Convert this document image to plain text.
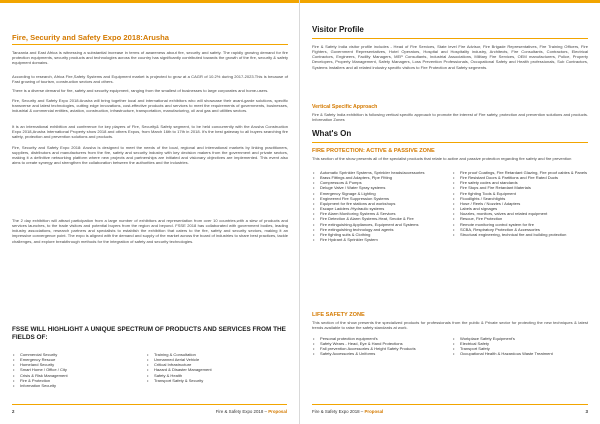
Fire, Security and Safety Expo 2018:Arusha
Tanzania and East Africa is witnessing a substantial increase in terms of awareness about fire, security and safety. The rapidly growing demand for fire protection equipments, security products and technologies across the country has significantly contributed towards the growth of the fire, security & safety equipment domains.
According to research, Africa Fire,Safety Systems and Equipment market is projected to grow at a CAGR of 10.2% during 2017-2023.This is because of Fast growing of tourism, construction sectors and others.
There is a diverse demand for fire, safety and security equipment, ranging from the smallest of businesses to large corporates and home-users.
Fire, Security and Safety Expo 2018:Arusha will bring together local and international exhibitors who will showcase their avant-garde solutions, specific transverse and latest technologies, cutting edge innovations, cost-effective products and services to meet the requirements of governments, businesses, industrial & commercial entities, aviation, construction, infrastructure, transportation, manufacturing, oil and gas and utilities sectors.
It is an international exhibition and conference for key players of Fire, Security& Safety segment, to be held concurrently with the Arusha Construction Expo 2018,Arusha International Property show 2018 and others Expos, from March 16th to 17th in 2018. It's the best gateway to all buyers searching fire safety, protection and prevention solutions and products.
Fire, Security and Safety Expo 2018: Arusha is designed to meet the needs of the local, regional and international markets by linking practitioners, suppliers, distributors and manufacturers from the fire, safety and security industry with key decision makers from the government and private sectors, making it a definitive networking platform where new projects and partnerships are initiated and visionary objectives are implemented. This event also aims to create synergy and strengthen the collaboration between the authorities and the industries.
The 2 day exhibition will attract participation from a large number of exhibitors and representation from over 10 countries,with a slew of products and services launches, to the trade visitors and potential buyers from the region and beyond. FSSE 2018 has collaborated with government bodies, leading industry associations, research partners and specialists to establish the exhibition that caters to the fire, safety and security sectors, making it an impressive convergence point. The expo is aligned with the demand and supply of the market across the board of industries to share best practices, tackle challenges, and explore breakthrough methods for the integration of safety and security technologies.
FSSE WILL HIGHLIGHT A UNIQUE SPECTRUM OF PRODUCTS AND SERVICES FROM THE FIELDS OF:
• Commercial Security
• Emergency Rescue
• Homeland Security
• Smart Home / Office / City
• Crisis & Risk Management
• Fire & Protection
• Information Security
• Training & Consultation
• Unmanned Aerial Vehicle
• Critical Infrastructure
• Hazard & Disaster Management
• Safety & Health
• Transport Safety & Security
2	Fire & Safety Expo 2018 – Proposal
Visitor Profile
Fire & Safety India visitor profile includes - Head of Fire Services, State level Fire Advisor, Fire Brigade Representatives, Fire Training Officers, Fire Fighters, Government Representatives, Hotel Operators, Hospital and Hospitality industry, Architects, Fire Consultants, Contractors, Electrical Contractors, Engineers, Facility Managers, MEP Consultants, Industrial Associations, Military Fire Services, OEM manufacturers, Police, Property Developers, Property Management, Safety Managers, Loss Prevention Professionals, Occupational Safety and Health professionals, Sub Contractors, Systems Installers and all related industry specific visitors to Fire Protection and Safety segments.
Vertical Specific Approach
Fire & Safety India exhibition is following vertical specific approach to promote the interest of Fire safety, protection and prevention solutions and products. Information Zones
What's On
FIRE PROTECTION: ACTIVE & PASSIVE ZONE
This section of the show presents all of the specialist products that relate to active and passive protection regarding fire safety and fire prevention
• Automatic Sprinkler Systems, Sprinkler heads/accessories
• Brass Fittings and Adapters, Pipe Fitting
• Compressors & Pumps
• Deluge Valve / Water Spray systems
• Emergency Signage & Lighting
• Engineered Fire Suppression Systems
• Equipment for fire stations and workshops
• Escape Ladders /Hydraulic systems
• Fire Alarm Monitoring Systems & Services
• Fire Detection & Alarm Systems-Heat, Smoke & Fire
• Fire extinguishing Appliances, Equipment and Systems
• Fire extinguishing technology and agents
• Fire fighting suits & Clothing
• Fire Hydrant & Sprinkler System
• Fire proof Coatings, Fire Retardant Glazing, Fire proof cables & Panels
• Fire Resistant Doors & Partitions and Fire Rated Ducts
• Fire safety codes and standards
• Fire Stops and Fire Retardant Materials
• Fire fighting Tools & Equipment
• Floodlights / Searchlights
• Hose / Reels / Nozzles / Adapters
• Labels and signages
• Nozzles, monitors, valves and related equipment
• Rescue, Fire Protection
• Remote monitoring control system for fire
• SCBA, Respiratory Protection & Accessories
• Structural engineering, technical fire and building protection
LIFE SAFETY ZONE
This section of the show presents the specialized products for professionals from the public & Private sector for protecting the new techniques & latest trends available to raise the safety standards at work.
• Personal protection equipment's
• Safety Wears - Head, Eye & Hand Protections
• Fall prevention Accessories & Height Safety Products
• Safety Accessories & Uniforms
• Workplace Safety Equipment's
• Electrical Safety
• Transport Safety
• Occupational Health & Hazardous Waste Treatment
Fire & Safety Expo 2018 – Proposal	3
